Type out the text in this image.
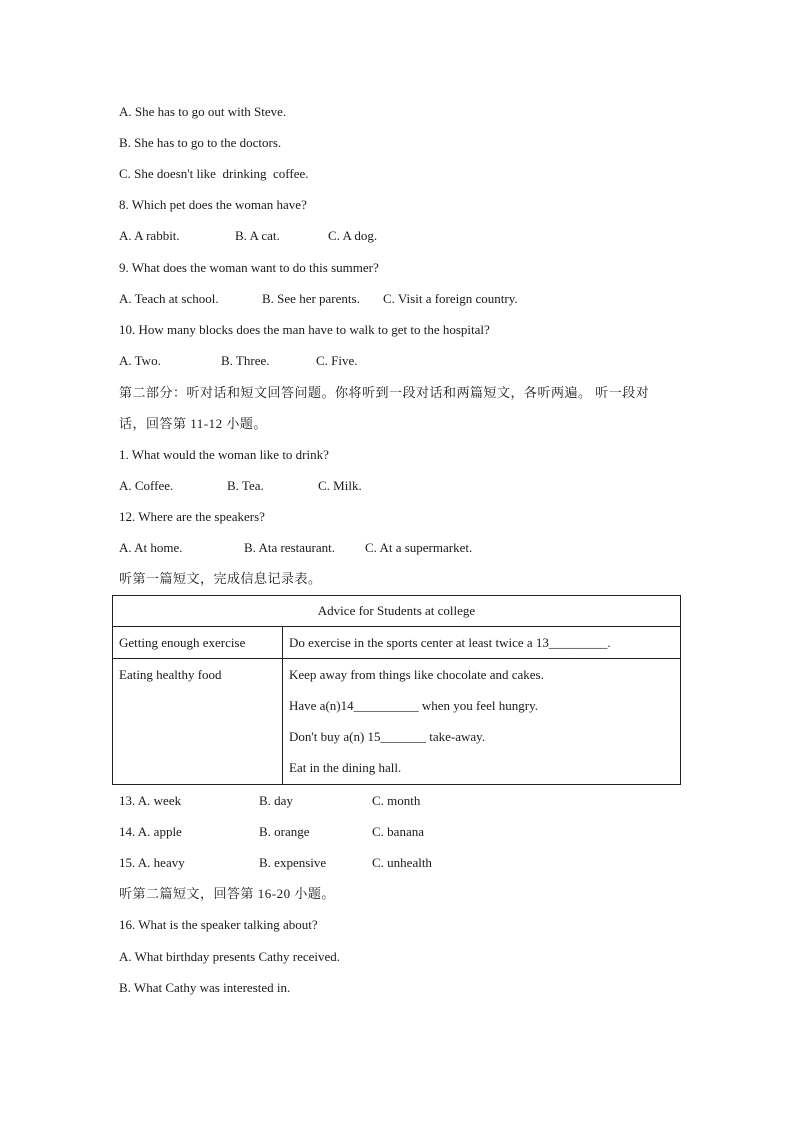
A. She has to go out with Steve.
B. She has to go to the doctors.
C. She doesn't like  drinking  coffee.
8. Which pet does the woman have?
A. A rabbit.	B. A cat.	C. A dog.
9. What does the woman want to do this summer?
A. Teach at school.	B. See her parents. C. Visit a foreign country.
10. How many blocks does the man have to walk to get to the hospital?
A. Two.	B. Three.	C. Five.
第二部分：听对话和短文回答问题。你将听到一段对话和两篇短文，各听两遍。 听一段对
话，回答第 11-12 小题。
1. What would the woman like to drink?
A. Coffee.	B. Tea.	C. Milk.
12. Where are the speakers?
A. At home.	B. Ata restaurant. C. At a supermarket.
听第一篇短文，完成信息记录表。
Advice for Students at college	
Getting enough exercise	Do exercise in the sports center at least twice a 13_________.
Eating healthy food	Keep away from things like chocolate and cakes.
Have a(n)14__________ when you feel hungry.
Don't buy a(n) 15_______ take-away.
Eat in the dining hall.
13. A. week	B. day	C. month
14. A. apple	B. orange	C. banana
15. A. heavy	B. expensive	C. unhealth
听第二篇短文，回答第 16-20 小题。
16. What is the speaker talking about?
A. What birthday presents Cathy received.
B. What Cathy was interested in.
